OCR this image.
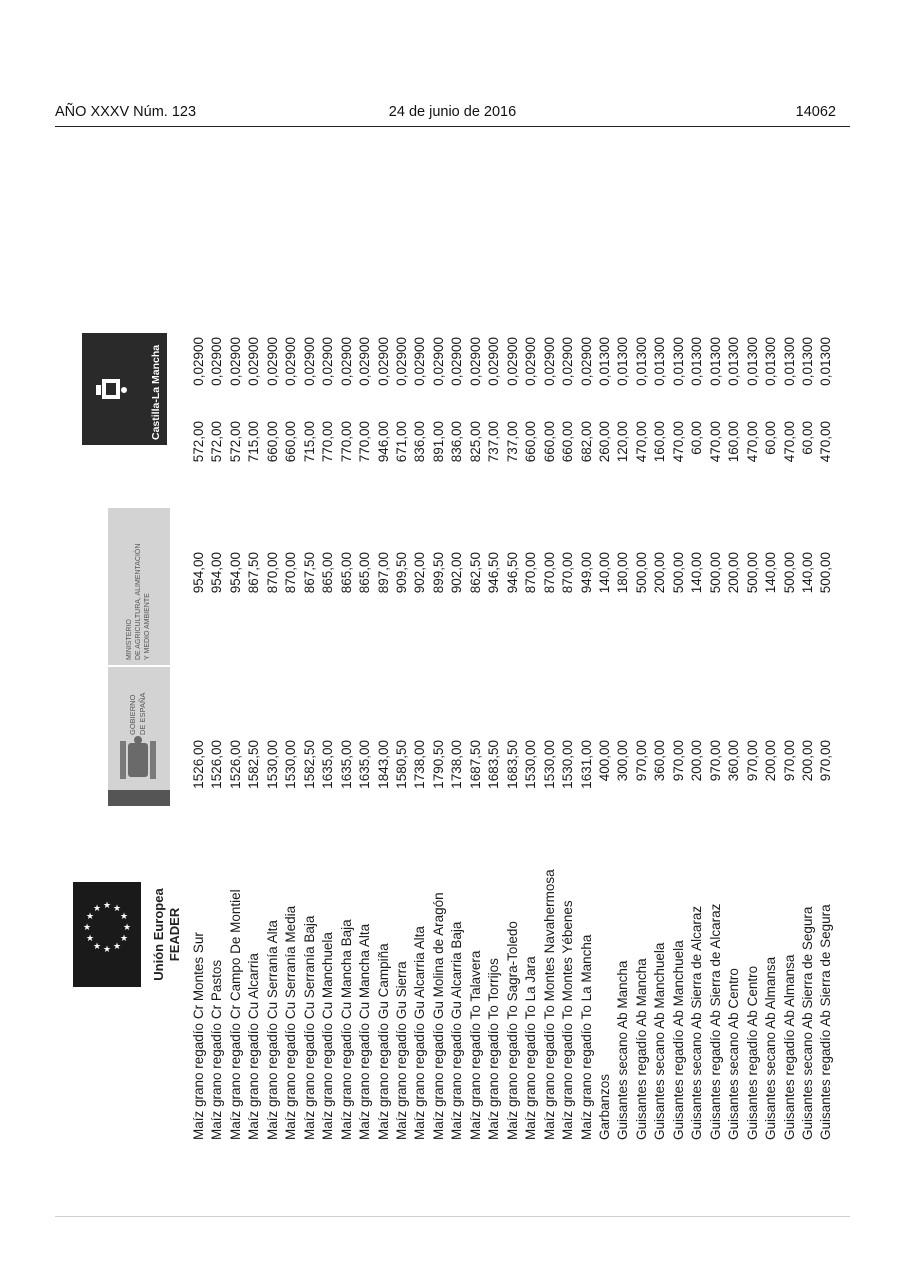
AÑO XXXV Núm. 123	24 de junio de 2016	14062
★ ★
★
★
★
★
★
★
★
★
★
★	Unión Europea FEADER
GOBIERNO
DE ESPAÑA
MINISTERIO
DE AGRICULTURA, ALIMENTACIÓN
Y MEDIO AMBIENTE
Castilla-La Mancha
Maíz grano regadío Cr Montes Sur	1526,00	954,00	572,00	0,02900
Maíz grano regadío Cr Pastos	1526,00	954,00	572,00	0,02900
Maíz grano regadío Cr Campo De Montiel	1526,00	954,00	572,00	0,02900
Maíz grano regadío Cu Alcarria	1582,50	867,50	715,00	0,02900
Maíz grano regadío Cu Serranía Alta	1530,00	870,00	660,00	0,02900
Maíz grano regadío Cu Serranía Media	1530,00	870,00	660,00	0,02900
Maíz grano regadío Cu Serranía Baja	1582,50	867,50	715,00	0,02900
Maíz grano regadío Cu Manchuela	1635,00	865,00	770,00	0,02900
Maíz grano regadío Cu Mancha Baja	1635,00	865,00	770,00	0,02900
Maíz grano regadío Cu Mancha Alta	1635,00	865,00	770,00	0,02900
Maíz grano regadío Gu Campiña	1843,00	897,00	946,00	0,02900
Maíz grano regadío Gu Sierra	1580,50	909,50	671,00	0,02900
Maíz grano regadío Gu Alcarria Alta	1738,00	902,00	836,00	0,02900
Maíz grano regadío Gu Molina de Aragón	1790,50	899,50	891,00	0,02900
Maíz grano regadío Gu Alcarria Baja	1738,00	902,00	836,00	0,02900
Maíz grano regadío To Talavera	1687,50	862,50	825,00	0,02900
Maíz grano regadío To Torrijos	1683,50	946,50	737,00	0,02900
Maíz grano regadío To Sagra-Toledo	1683,50	946,50	737,00	0,02900
Maíz grano regadío To La Jara	1530,00	870,00	660,00	0,02900
Maíz grano regadío To Montes Navahermosa	1530,00	870,00	660,00	0,02900
Maíz grano regadío To Montes Yébenes	1530,00	870,00	660,00	0,02900
Maíz grano regadío To La Mancha	1631,00	949,00	682,00	0,02900
Garbanzos	400,00	140,00	260,00	0,01300
Guisantes secano Ab Mancha	300,00	180,00	120,00	0,01300
Guisantes regadío Ab Mancha	970,00	500,00	470,00	0,01300
Guisantes secano Ab Manchuela	360,00	200,00	160,00	0,01300
Guisantes regadío Ab Manchuela	970,00	500,00	470,00	0,01300
Guisantes secano Ab Sierra de Alcaraz	200,00	140,00	60,00	0,01300
Guisantes regadío Ab Sierra de Alcaraz	970,00	500,00	470,00	0,01300
Guisantes secano Ab Centro	360,00	200,00	160,00	0,01300
Guisantes regadío Ab Centro	970,00	500,00	470,00	0,01300
Guisantes secano Ab Almansa	200,00	140,00	60,00	0,01300
Guisantes regadío Ab Almansa	970,00	500,00	470,00	0,01300
Guisantes secano Ab Sierra de Segura	200,00	140,00	60,00	0,01300
Guisantes regadío Ab Sierra de Segura	970,00	500,00	470,00	0,01300
